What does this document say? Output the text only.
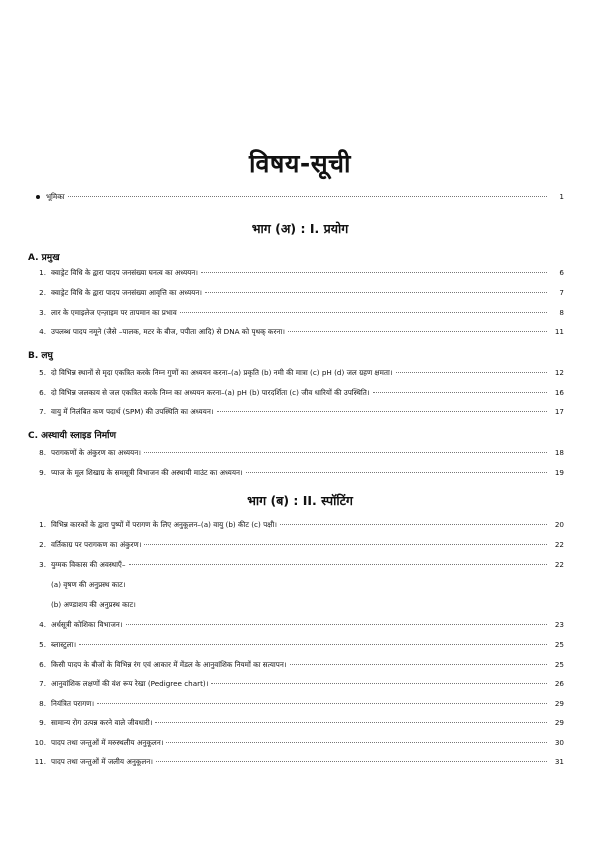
विषय-सूची
भूमिका	1
भाग (अ) : I. प्रयोग
A. प्रमुख
1. क्वाड्रेट विधि के द्वारा पादप जनसंख्या घनत्व का अध्ययन।	6
2. क्वाड्रेट विधि के द्वारा पादप जनसंख्या आवृत्ति का अध्ययन।	7
3. लार के एमाइलेज एन्ज़ाइम पर तापमान का प्रभाव	8
4. उपलब्ध पादप नमूने (जैसे –पालक, मटर के बीज, पपीता आदि) से DNA को पृथक् करना।	11
B. लघु
5. दो विभिन्न स्थानों से मृदा एकत्रित करके निम्न गुणों का अध्ययन करना–(a) प्रकृति (b) नमी की मात्रा (c) pH (d) जल ग्रहण क्षमता।	12
6. दो विभिन्न जलकाय से जल एकत्रित करके निम्न का अध्ययन करना–(a) pH (b) पारदर्शिता (c) जीव धारियों की उपस्थिति।	16
7. वायु में निलंबित कण पदार्थ (SPM) की उपस्थिति का अध्ययन।	17
C. अस्थायी स्लाइड निर्माण
8. परागकणों के अंकुरण का अध्ययन।	18
9. प्याज के मूल शिखाग्र के समसूत्री विभाजन की अस्थायी माउंट का अध्ययन।	19
भाग (ब) : II. स्पॉटिंग
1. विभिन्न कारकों के द्वारा पुष्पों में परागण के लिए अनुकूलन–(a) वायु (b) कीट (c) पक्षी।	20
2. वर्तिकाग्र पर परागकण का अंकुरण।	22
3. युग्मक विकास की अवस्थाएँ–	22
(a) वृषण की अनुप्रस्थ काट।
(b) अण्डाशय की अनुप्रस्थ काट।
4. अर्धसूत्री कोशिका विभाजन।	23
5. ब्लास्टुला।	25
6. किसी पादप के बीजों के विभिन्न रंग एवं आकार में मेंडल के आनुवांशिक नियमों का सत्यापन।	25
7. आनुवांशिक लक्षणों की वंश रूप रेखा (Pedigree chart)।	26
8. नियंत्रित परागण।	29
9. सामान्य रोग उत्पन्न करने वाले जीवधारी।	29
10. पादप तथा जन्तुओं में मरुस्थलीय अनुकूलन।	30
11. पादप तथा जन्तुओं में जलीय अनुकूलन।	31
